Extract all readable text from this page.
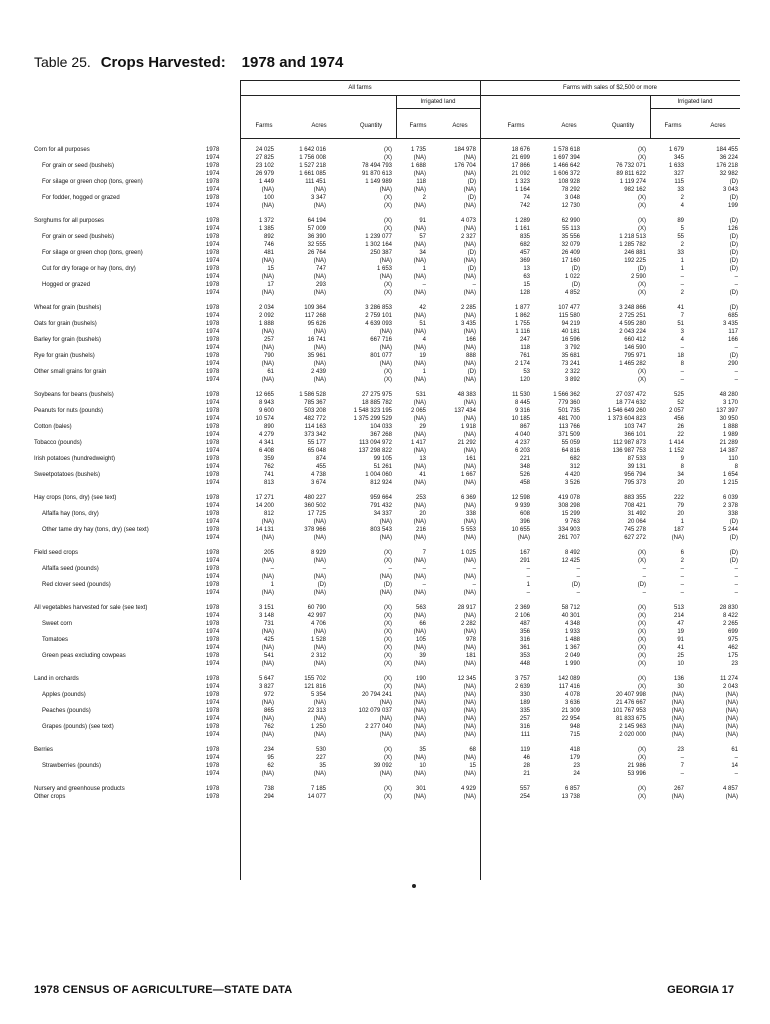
Table 25. Crops Harvested: 1978 and 1974
All farms	Farms with sales of $2,500 or more
Irrigated land	Irrigated land
Farms	Acres	Quantity	Farms	Acres	Farms	Acres	Quantity	Farms	Acres
Corn for all purposes	1978	24 025	1 642 016	(X)	1 735	184 978	18 676	1 578 618	(X)	1 679	184 455
1974	27 825	1 756 008	(X)	(NA)	(NA)	21 699	1 697 394	(X)	345	36 224
For grain or seed (bushels)	1978	23 102	1 527 218	78 494 793	1 688	176 704	17 866	1 466 642	76 732 071	1 633	176 218
1974	26 979	1 661 085	91 870 613	(NA)	(NA)	21 092	1 606 372	89 811 622	327	32 982
For silage or green chop (tons, green)	1978	1 449	111 451	1 149 989	118	(D)	1 323	108 928	1 119 274	115	(D)
1974	(NA)	(NA)	(NA)	(NA)	(NA)	1 164	78 292	982 162	33	3 043
For fodder, hogged or grazed	1978	100	3 347	(X)	2	(D)	74	3 048	(X)	2	(D)
1974	(NA)	(NA)	(X)	(NA)	(NA)	742	12 730	(X)	4	199
Sorghums for all purposes	1978	1 372	64 194	(X)	91	4 073	1 289	62 990	(X)	89	(D)
1974	1 385	57 009	(X)	(NA)	(NA)	1 161	55 113	(X)	5	126
For grain or seed (bushels)	1978	892	36 390	1 239 077	57	2 327	835	35 556	1 218 513	55	(D)
1974	746	32 555	1 302 164	(NA)	(NA)	682	32 079	1 285 782	2	(D)
For silage or green chop (tons, green)	1978	481	26 764	250 387	34	(D)	457	26 409	246 881	33	(D)
1974	(NA)	(NA)	(NA)	(NA)	(NA)	369	17 160	192 225	1	(D)
Cut for dry forage or hay (tons, dry)	1978	15	747	1 653	1	(D)	13	(D)	(D)	1	(D)
1974	(NA)	(NA)	(NA)	(NA)	(NA)	63	1 022	2 590	–	–
Hogged or grazed	1978	17	293	(X)	–	–	15	(D)	(X)	–	–
1974	(NA)	(NA)	(X)	(NA)	(NA)	128	4 852	(X)	2	(D)
Wheat for grain (bushels)	1978	2 034	109 364	3 286 853	42	2 285	1 877	107 477	3 248 866	41	(D)
1974	2 092	117 268	2 759 101	(NA)	(NA)	1 862	115 580	2 725 251	7	685
Oats for grain (bushels)	1978	1 888	95 626	4 639 093	51	3 435	1 755	94 219	4 595 280	51	3 435
1974	(NA)	(NA)	(NA)	(NA)	(NA)	1 116	40 181	2 043 224	3	117
Barley for grain (bushels)	1978	257	16 741	667 716	4	166	247	16 596	660 412	4	166
1974	(NA)	(NA)	(NA)	(NA)	(NA)	118	3 792	146 590	–	–
Rye for grain (bushels)	1978	790	35 961	801 077	19	888	761	35 681	795 971	18	(D)
1974	(NA)	(NA)	(NA)	(NA)	(NA)	2 174	73 241	1 465 282	8	290
Other small grains for grain	1978	61	2 439	(X)	1	(D)	53	2 322	(X)	–	–
1974	(NA)	(NA)	(X)	(NA)	(NA)	120	3 892	(X)	–	–
Soybeans for beans (bushels)	1978	12 665	1 586 528	27 275 975	531	48 383	11 530	1 566 362	27 037 472	525	48 280
1974	8 943	785 367	18 885 782	(NA)	(NA)	8 445	779 360	18 774 632	52	3 170
Peanuts for nuts (pounds)	1978	9 600	503 208	1 548 323 195	2 065	137 434	9 316	501 735	1 546 649 260	2 057	137 397
1974	10 574	482 772	1 375 299 529	(NA)	(NA)	10 185	481 700	1 373 604 823	456	30 950
Cotton (bales)	1978	890	114 163	104 033	29	1 918	867	113 766	103 747	26	1 888
1974	4 279	373 342	367 268	(NA)	(NA)	4 040	371 509	366 101	22	1 989
Tobacco (pounds)	1978	4 341	55 177	113 094 972	1 417	21 292	4 237	55 059	112 987 873	1 414	21 289
1974	6 408	65 048	137 298 822	(NA)	(NA)	6 203	64 816	136 987 753	1 152	14 387
Irish potatoes (hundredweight)	1978	359	874	99 105	13	161	221	682	87 533	9	110
1974	762	455	51 261	(NA)	(NA)	348	312	39 131	8	8
Sweetpotatoes (bushels)	1978	741	4 738	1 004 060	41	1 667	526	4 420	956 794	34	1 654
1974	813	3 674	812 924	(NA)	(NA)	458	3 526	795 373	20	1 215
Hay crops (tons, dry) (see text)	1978	17 271	480 227	959 664	253	6 369	12 598	419 078	883 355	222	6 039
1974	14 200	360 502	791 432	(NA)	(NA)	9 939	308 298	708 421	79	2 378
Alfalfa hay (tons, dry)	1978	812	17 725	34 337	20	338	608	15 299	31 492	20	338
1974	(NA)	(NA)	(NA)	(NA)	(NA)	396	9 763	20 064	1	(D)
Other tame dry hay (tons, dry) (see text)	1978	14 131	378 966	803 543	216	5 553	10 655	334 903	745 278	187	5 244
1974	(NA)	(NA)	(NA)	(NA)	(NA)	(NA)	261 707	627 272	(NA)	(D)
Field seed crops	1978	205	8 929	(X)	7	1 025	167	8 492	(X)	6	(D)
1974	(NA)	(NA)	(X)	(NA)	(NA)	291	12 425	(X)	2	(D)
Alfalfa seed (pounds)	1978	–	–	–	–	–	–	–	–	–	–
1974	(NA)	(NA)	(NA)	(NA)	(NA)	–	–	–	–	–
Red clover seed (pounds)	1978	1	(D)	(D)	–	–	1	(D)	(D)	–	–
1974	(NA)	(NA)	(NA)	(NA)	(NA)	–	–	–	–	–
All vegetables harvested for sale (see text)	1978	3 151	60 790	(X)	563	28 917	2 369	58 712	(X)	513	28 830
1974	3 148	42 997	(X)	(NA)	(NA)	2 106	40 301	(X)	214	8 422
Sweet corn	1978	731	4 706	(X)	66	2 282	487	4 348	(X)	47	2 265
1974	(NA)	(NA)	(X)	(NA)	(NA)	356	1 933	(X)	19	699
Tomatoes	1978	425	1 528	(X)	105	978	316	1 488	(X)	91	975
1974	(NA)	(NA)	(X)	(NA)	(NA)	361	1 367	(X)	41	462
Green peas excluding cowpeas	1978	541	2 312	(X)	39	181	353	2 049	(X)	25	175
1974	(NA)	(NA)	(X)	(NA)	(NA)	448	1 990	(X)	10	23
Land in orchards	1978	5 647	155 702	(X)	190	12 345	3 757	142 089	(X)	136	11 274
1974	3 827	121 816	(X)	(NA)	(NA)	2 639	117 416	(X)	30	2 043
Apples (pounds)	1978	972	5 354	20 794 241	(NA)	(NA)	330	4 078	20 407 998	(NA)	(NA)
1974	(NA)	(NA)	(NA)	(NA)	(NA)	189	3 636	21 476 667	(NA)	(NA)
Peaches (pounds)	1978	865	22 313	102 079 037	(NA)	(NA)	335	21 309	101 767 953	(NA)	(NA)
1974	(NA)	(NA)	(NA)	(NA)	(NA)	257	22 954	81 833 675	(NA)	(NA)
Grapes (pounds) (see text)	1978	762	1 250	2 277 040	(NA)	(NA)	316	948	2 145 963	(NA)	(NA)
1974	(NA)	(NA)	(NA)	(NA)	(NA)	111	715	2 020 000	(NA)	(NA)
Berries	1978	234	530	(X)	35	68	119	418	(X)	23	61
1974	95	227	(X)	(NA)	(NA)	46	179	(X)	–	–
Strawberries (pounds)	1978	62	35	39 092	10	15	28	23	21 986	7	14
1974	(NA)	(NA)	(NA)	(NA)	(NA)	21	24	53 996	–	–
Nursery and greenhouse products	1978	738	7 185	(X)	301	4 929	557	6 857	(X)	267	4 857
Other crops	1978	294	14 077	(X)	(NA)	(NA)	254	13 738	(X)	(NA)	(NA)
1978 CENSUS OF AGRICULTURE—STATE DATA	GEORGIA 17
